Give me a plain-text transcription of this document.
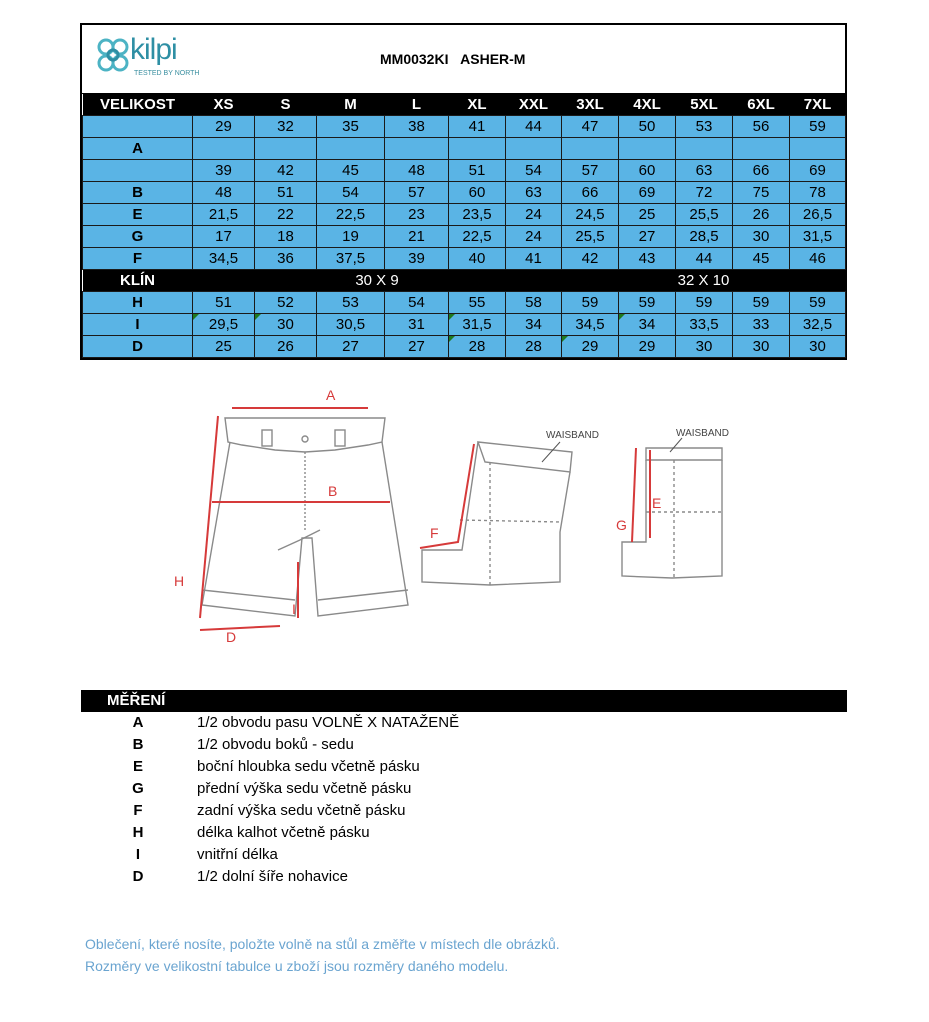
kilpi
TESTED BY NORTH
MM0032KI ASHER-M
VELIKOST	XS	S	M	L	XL	XXL	3XL	4XL	5XL	6XL	7XL
	29	32	35	38	41	44	47	50	53	56	59
A											
	39	42	45	48	51	54	57	60	63	66	69
B	48	51	54	57	60	63	66	69	72	75	78
E	21,5	22	22,5	23	23,5	24	24,5	25	25,5	26	26,5
G	17	18	19	21	22,5	24	25,5	27	28,5	30	31,5
F	34,5	36	37,5	39	40	41	42	43	44	45	46
KLÍN	30 X 9						32 X 10				
H	51	52	53	54	55	58	59	59	59	59	59
I	29,5	30	30,5	31	31,5	34	34,5	34	33,5	33	32,5
D	25	26	27	27	28	28	29	29	30	30	30
A
B
H
I
D
WAISBAND
F
WAISBAND
E
G
MĚŘENÍ
A	1/2 obvodu pasu VOLNĚ X NATAŽENĚ
B	1/2 obvodu boků - sedu
E	boční hloubka sedu včetně pásku
G	přední výška sedu včetně pásku
F	zadní výška sedu včetně pásku
H	délka kalhot včetně pásku
I	vnitřní délka
D	1/2 dolní šíře nohavice
Oblečení, které nosíte, položte volně na stůl a změřte v místech dle obrázků.
Rozměry ve velikostní tabulce u zboží jsou rozměry daného modelu.
